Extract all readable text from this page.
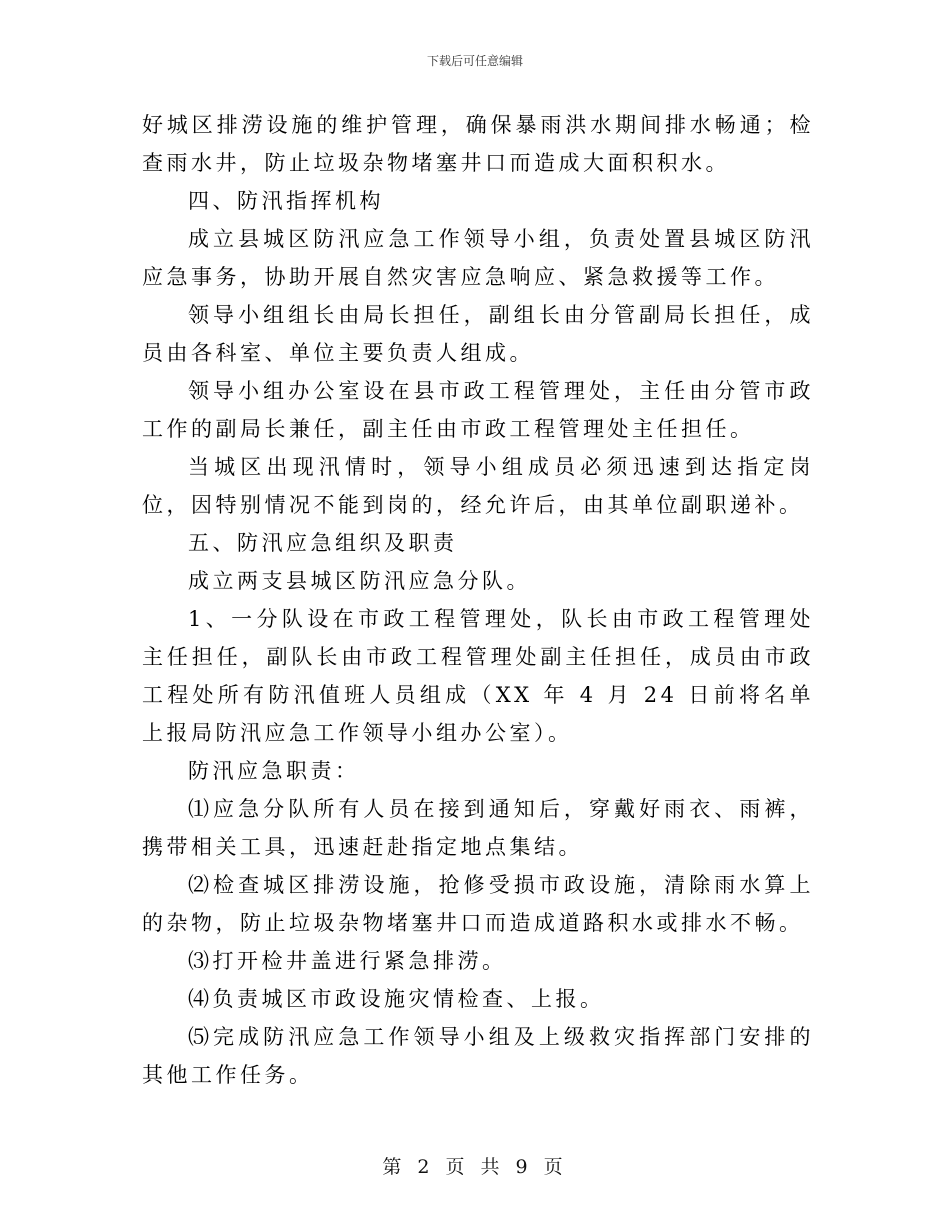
下载后可任意编辑

好城区排涝设施的维护管理，确保暴雨洪水期间排水畅通；检查雨水井，防止垃圾杂物堵塞井口而造成大面积积水。

四、防汛指挥机构

成立县城区防汛应急工作领导小组，负责处置县城区防汛应急事务，协助开展自然灾害应急响应、紧急救援等工作。

领导小组组长由局长担任，副组长由分管副局长担任，成员由各科室、单位主要负责人组成。

领导小组办公室设在县市政工程管理处，主任由分管市政工作的副局长兼任，副主任由市政工程管理处主任担任。

当城区出现汛情时，领导小组成员必须迅速到达指定岗位，因特别情况不能到岗的，经允许后，由其单位副职递补。

五、防汛应急组织及职责

成立两支县城区防汛应急分队。

1、一分队设在市政工程管理处，队长由市政工程管理处主任担任，副队长由市政工程管理处副主任担任，成员由市政工程处所有防汛值班人员组成（XX 年 4 月 24 日前将名单上报局防汛应急工作领导小组办公室）。

防汛应急职责：

⑴应急分队所有人员在接到通知后，穿戴好雨衣、雨裤，携带相关工具，迅速赶赴指定地点集结。

⑵检查城区排涝设施，抢修受损市政设施，清除雨水算上的杂物，防止垃圾杂物堵塞井口而造成道路积水或排水不畅。

⑶打开检井盖进行紧急排涝。

⑷负责城区市政设施灾情检查、上报。

⑸完成防汛应急工作领导小组及上级救灾指挥部门安排的其他工作任务。

第 2 页 共 9 页
